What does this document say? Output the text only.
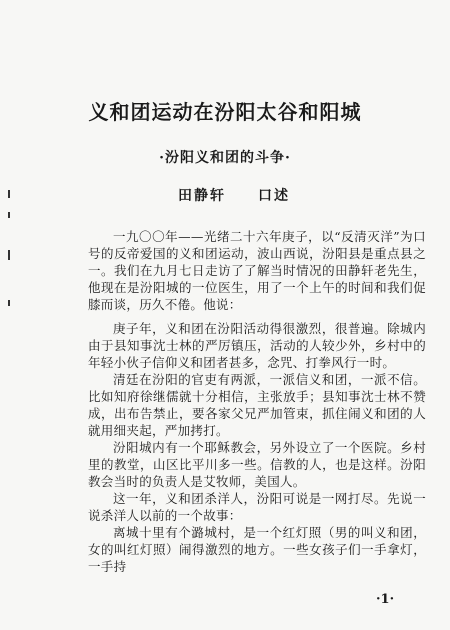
义和团运动在汾阳太谷和阳城
·汾阳义和团的斗争·
田静轩 口述

一九〇〇年——光绪二十六年庚子，以“反清灭洋”为口号的反帝爱国的义和团运动，波山西说，汾阳县是重点县之一。我们在九月七日走访了了解当时情况的田静轩老先生，他现在是汾阳城的一位医生，用了一个上午的时间和我们促膝而谈，历久不倦。他说：

庚子年，义和团在汾阳活动得很激烈，很普遍。除城内由于县知事沈士林的严厉镇压，活动的人较少外，乡村中的年轻小伙子信仰义和团者甚多，念咒、打拳风行一时。

清廷在汾阳的官吏有两派，一派信义和团，一派不信。比如知府徐继儒就十分相信，主张放手；县知事沈士林不赞成，出布告禁止，要各家父兄严加管束，抓住闹义和团的人就用细夹起，严加拷打。

汾阳城内有一个耶稣教会，另外设立了一个医院。乡村里的教堂，山区比平川多一些。信教的人，也是这样。汾阳教会当时的负责人是艾牧师，美国人。

这一年，义和团杀洋人，汾阳可说是一网打尽。先说一说杀洋人以前的一个故事：

离城十里有个潞城村，是一个红灯照（男的叫义和团，女的叫红灯照）闹得激烈的地方。一些女孩子们一手拿灯，一手持

·1·
